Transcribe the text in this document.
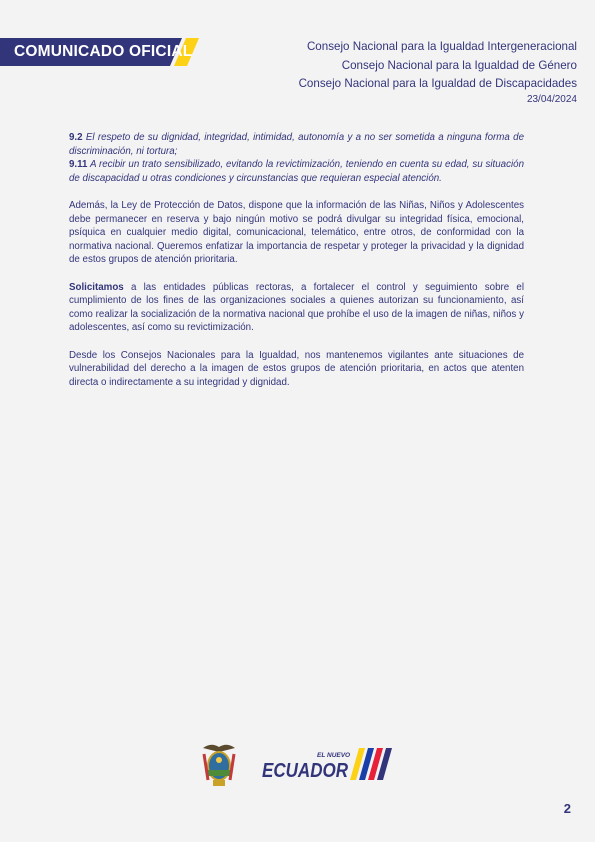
COMUNICADO OFICIAL	Consejo Nacional para la Igualdad Intergeneracional
Consejo Nacional para la Igualdad de Género
Consejo Nacional para la Igualdad de Discapacidades
23/04/2024

9.2 El respeto de su dignidad, integridad, intimidad, autonomía y a no ser sometida a ninguna forma de discriminación, ni tortura;
9.11 A recibir un trato sensibilizado, evitando la revictimización, teniendo en cuenta su edad, su situación de discapacidad u otras condiciones y circunstancias que requieran especial atención.

Además, la Ley de Protección de Datos, dispone que la información de las Niñas, Niños y Adolescentes debe permanecer en reserva y bajo ningún motivo se podrá divulgar su integridad física, emocional, psíquica en cualquier medio digital, comunicacional, telemático, entre otros, de conformidad con la normativa nacional. Queremos enfatizar la importancia de respetar y proteger la privacidad y la dignidad de estos grupos de atención prioritaria.

Solicitamos a las entidades públicas rectoras, a fortalecer el control y seguimiento sobre el cumplimiento de los fines de las organizaciones sociales a quienes autorizan su funcionamiento, así como realizar la socialización de la normativa nacional que prohíbe el uso de la imagen de niñas, niños y adolescentes, así como su revictimización.

Desde los Consejos Nacionales para la Igualdad, nos mantenemos vigilantes ante situaciones de vulnerabilidad del derecho a la imagen de estos grupos de atención prioritaria, en actos que atenten directa o indirectamente a su integridad y dignidad.

EL NUEVO
ECUADOR
2
